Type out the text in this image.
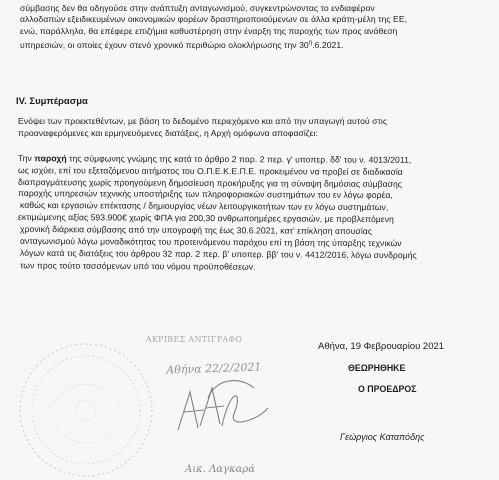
σύμβασης δεν θα οδηγούσε στην ανάπτυξη ανταγωνισμού, συγκεντρώνοντας το ενδιαφέρον
αλλοδαπών εξειδικευμένων οικονομικών φορέων δραστηριοποιούμενων σε άλλα κράτη-μέλη της ΕΕ,
ενώ, παράλληλα, θα επέφερε επιζήμια καθυστέρηση στην έναρξη της παροχής των προς ανάθεση
υπηρεσιών, οι οποίες έχουν στενό χρονικό περιθώριο ολοκλήρωσης την $30^\eta.6.2021$.
IV. Συμπέρασμα
Ενόψει των προεκτεθέντων, με βάση το δεδομένο περιεχόμενο και από την υπαγωγή αυτού στις
προαναφερόμενες και ερμηνευόμενες διατάξεις, η Αρχή ομόφωνα αποφασίζει:
Την παροχή της σύμφωνης γνώμης της κατά το άρθρο 2 παρ. 2 περ. γ' υποπερ. δδ' του ν. 4013/2011,
ως ισχύει, επί του εξεταζόμενου αιτήματος του Ο.Π.Ε.Κ.Ε.Π.Ε. προκειμένου να προβεί σε διαδικασία
διαπραγμάτευσης χωρίς προηγούμενη δημοσίευση προκήρυξης για τη σύναψη δημόσιας σύμβασης
παροχής υπηρεσιών τεχνικής υποστήριξης των πληροφοριακών συστημάτων του εν λόγω φορέα,
καθώς και εργασιών επέκτασης / δημιουργίας νέων λειτουργικοτήτων των εν λόγω συστημάτων,
εκτιμώμενης αξίας 593.900€ χωρίς ΦΠΑ για 200,30 ανθρωποημέρες εργασιών, με προβλεπόμενη
χρονική διάρκεια σύμβασης από την υπογραφή της έως 30.6.2021, κατ' επίκληση απουσίας
ανταγωνισμού λόγω μοναδικότητας του προτεινόμενου παρόχου επί τη βάση της ύπαρξης τεχνικών
λόγων κατά τις διατάξεις του άρθρου 32 παρ. 2 περ. β' υποπερ. ββ' του ν. 4412/2016, λόγω συνδρομής
των προς τούτο τασσόμενων υπό του νόμου προϋποθέσεων.
Αθήνα, 19 Φεβρουαρίου 2021
ΘΕΩΡΗΘΗΚΕ
Ο ΠΡΟΕΔΡΟΣ
Γεώργιος Καταπόδης
ΑΚΡΙΒΕΣ ΑΝΤΙΓΡΑΦΟ
Αθήνα 22/2/2021
Αικ. Λαγκαρά
